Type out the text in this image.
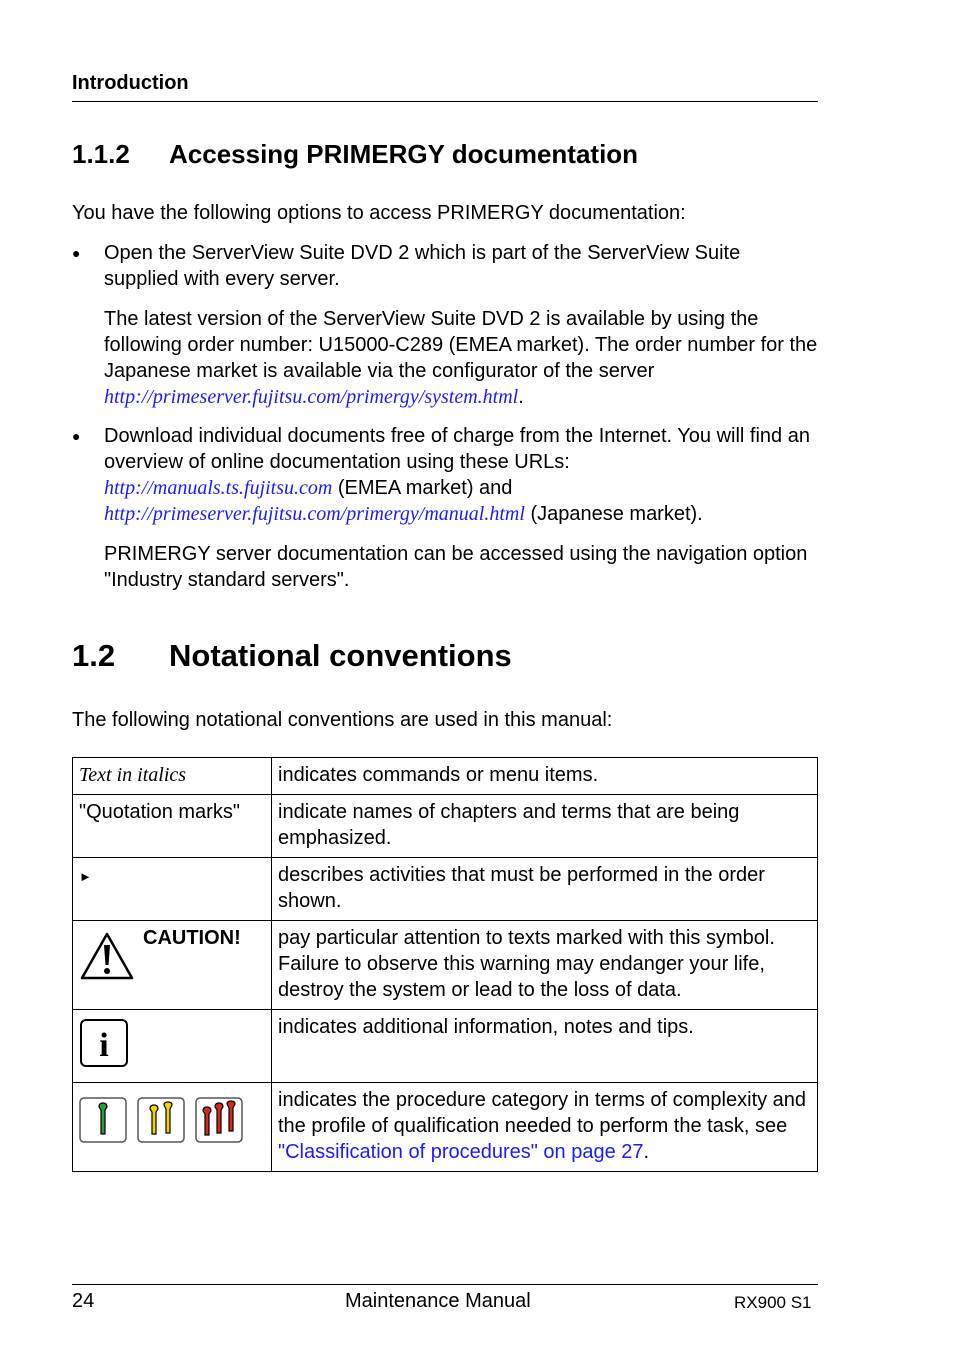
Introduction
1.1.2 Accessing PRIMERGY documentation
You have the following options to access PRIMERGY documentation:
● Open the ServerView Suite DVD 2 which is part of the ServerView Suite supplied with every server.
The latest version of the ServerView Suite DVD 2 is available by using the following order number: U15000-C289 (EMEA market). The order number for the Japanese market is available via the configurator of the server
http://primeserver.fujitsu.com/primergy/system.html.
● Download individual documents free of charge from the Internet. You will find an overview of online documentation using these URLs:
http://manuals.ts.fujitsu.com (EMEA market) and
http://primeserver.fujitsu.com/primergy/manual.html (Japanese market).
PRIMERGY server documentation can be accessed using the navigation option "Industry standard servers".
1.2 Notational conventions
The following notational conventions are used in this manual:
Text in italics	indicates commands or menu items.
"Quotation marks"	indicate names of chapters and terms that are being emphasized.
►	describes activities that must be performed in the order shown.

CAUTION!	pay particular attention to texts marked with this symbol. Failure to observe this warning may endanger your life, destroy the system or lead to the loss of data.

i	indicates additional information, notes and tips.

	indicates the procedure category in terms of complexity and the profile of qualification needed to perform the task, see "Classification of procedures" on page 27.
24	Maintenance Manual	RX900 S1
